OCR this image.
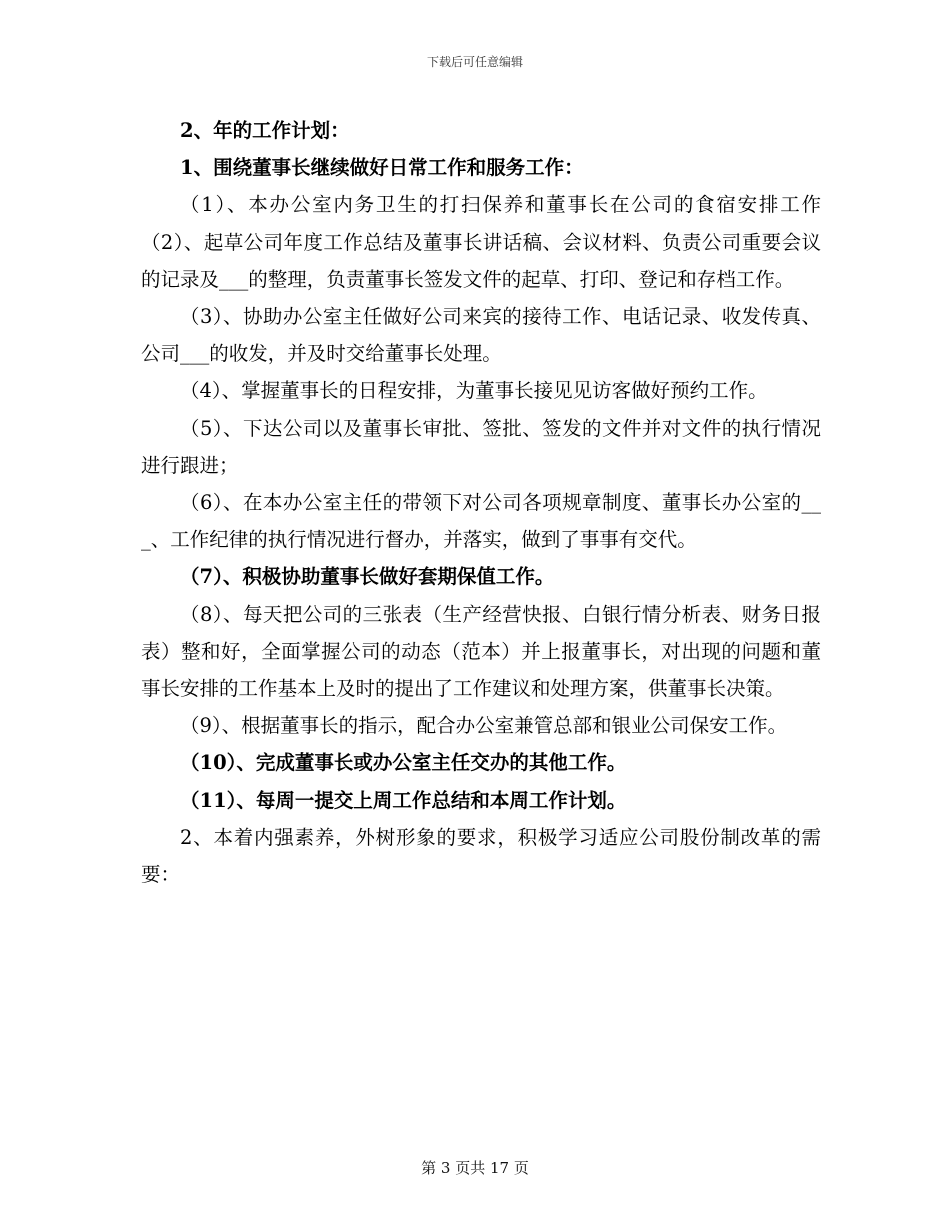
下载后可任意编辑

2、年的工作计划：

1、围绕董事长继续做好日常工作和服务工作：

（1）、本办公室内务卫生的打扫保养和董事长在公司的食宿安排工作（2）、起草公司年度工作总结及董事长讲话稿、会议材料、负责公司重要会议的记录及___的整理，负责董事长签发文件的起草、打印、登记和存档工作。

（3）、协助办公室主任做好公司来宾的接待工作、电话记录、收发传真、公司___的收发，并及时交给董事长处理。

（4）、掌握董事长的日程安排，为董事长接见见访客做好预约工作。

（5）、下达公司以及董事长审批、签批、签发的文件并对文件的执行情况进行跟进；

（6）、在本办公室主任的带领下对公司各项规章制度、董事长办公室的___、工作纪律的执行情况进行督办，并落实，做到了事事有交代。

（7）、积极协助董事长做好套期保值工作。

（8）、每天把公司的三张表（生产经营快报、白银行情分析表、财务日报表）整和好，全面掌握公司的动态（范本）并上报董事长，对出现的问题和董事长安排的工作基本上及时的提出了工作建议和处理方案，供董事长决策。

（9）、根据董事长的指示，配合办公室兼管总部和银业公司保安工作。

（10）、完成董事长或办公室主任交办的其他工作。

（11）、每周一提交上周工作总结和本周工作计划。

2、本着内强素养，外树形象的要求，积极学习适应公司股份制改革的需要：

第 3 页共 17 页
